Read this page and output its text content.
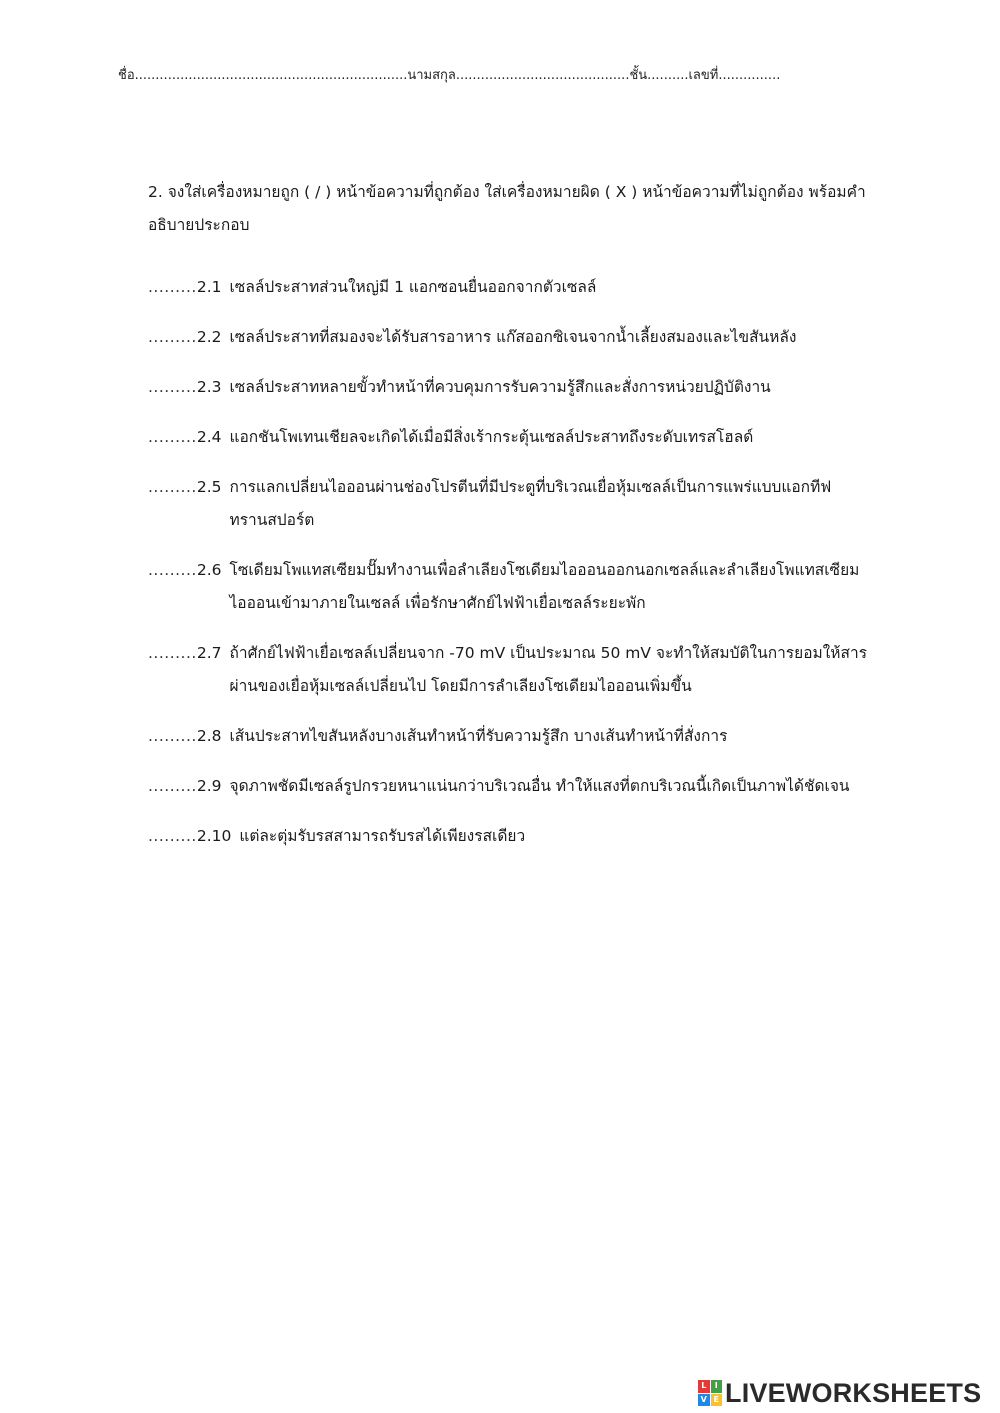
ชื่อ..................................................................นามสกุล..........................................ชั้น..........เลขที่...............
2. จงใส่เครื่องหมายถูก ( / ) หน้าข้อความที่ถูกต้อง ใส่เครื่องหมายผิด ( X ) หน้าข้อความที่ไม่ถูกต้อง พร้อมคำอธิบายประกอบ
......... 2.1 เซลล์ประสาทส่วนใหญ่มี 1 แอกซอนยื่นออกจากตัวเซลล์
......... 2.2 เซลล์ประสาทที่สมองจะได้รับสารอาหาร แก๊สออกซิเจนจากน้ำเลี้ยงสมองและไขสันหลัง
......... 2.3 เซลล์ประสาทหลายขั้วทำหน้าที่ควบคุมการรับความรู้สึกและสั่งการหน่วยปฏิบัติงาน
......... 2.4 แอกชันโพเทนเชียลจะเกิดได้เมื่อมีสิ่งเร้ากระตุ้นเซลล์ประสาทถึงระดับเทรสโฮลด์
......... 2.5 การแลกเปลี่ยนไอออนผ่านช่องโปรตีนที่มีประตูที่บริเวณเยื่อหุ้มเซลล์เป็นการแพร่แบบแอกทีฟทรานสปอร์ต
......... 2.6 โซเดียมโพแทสเซียมปั๊มทำงานเพื่อลำเลียงโซเดียมไอออนออกนอกเซลล์และลำเลียงโพแทสเซียมไอออนเข้ามาภายในเซลล์ เพื่อรักษาศักย์ไฟฟ้าเยื่อเซลล์ระยะพัก
......... 2.7 ถ้าศักย์ไฟฟ้าเยื่อเซลล์เปลี่ยนจาก -70 mV เป็นประมาณ 50 mV จะทำให้สมบัติในการยอมให้สารผ่านของเยื่อหุ้มเซลล์เปลี่ยนไป โดยมีการลำเลียงโซเดียมไอออนเพิ่มขึ้น
......... 2.8 เส้นประสาทไขสันหลังบางเส้นทำหน้าที่รับความรู้สึก บางเส้นทำหน้าที่สั่งการ
......... 2.9 จุดภาพชัดมีเซลล์รูปกรวยหนาแน่นกว่าบริเวณอื่น ทำให้แสงที่ตกบริเวณนี้เกิดเป็นภาพได้ชัดเจน
......... 2.10 แต่ละตุ่มรับรสสามารถรับรสได้เพียงรสเดียว
L	I
V E LIVEWORKSHEETS
